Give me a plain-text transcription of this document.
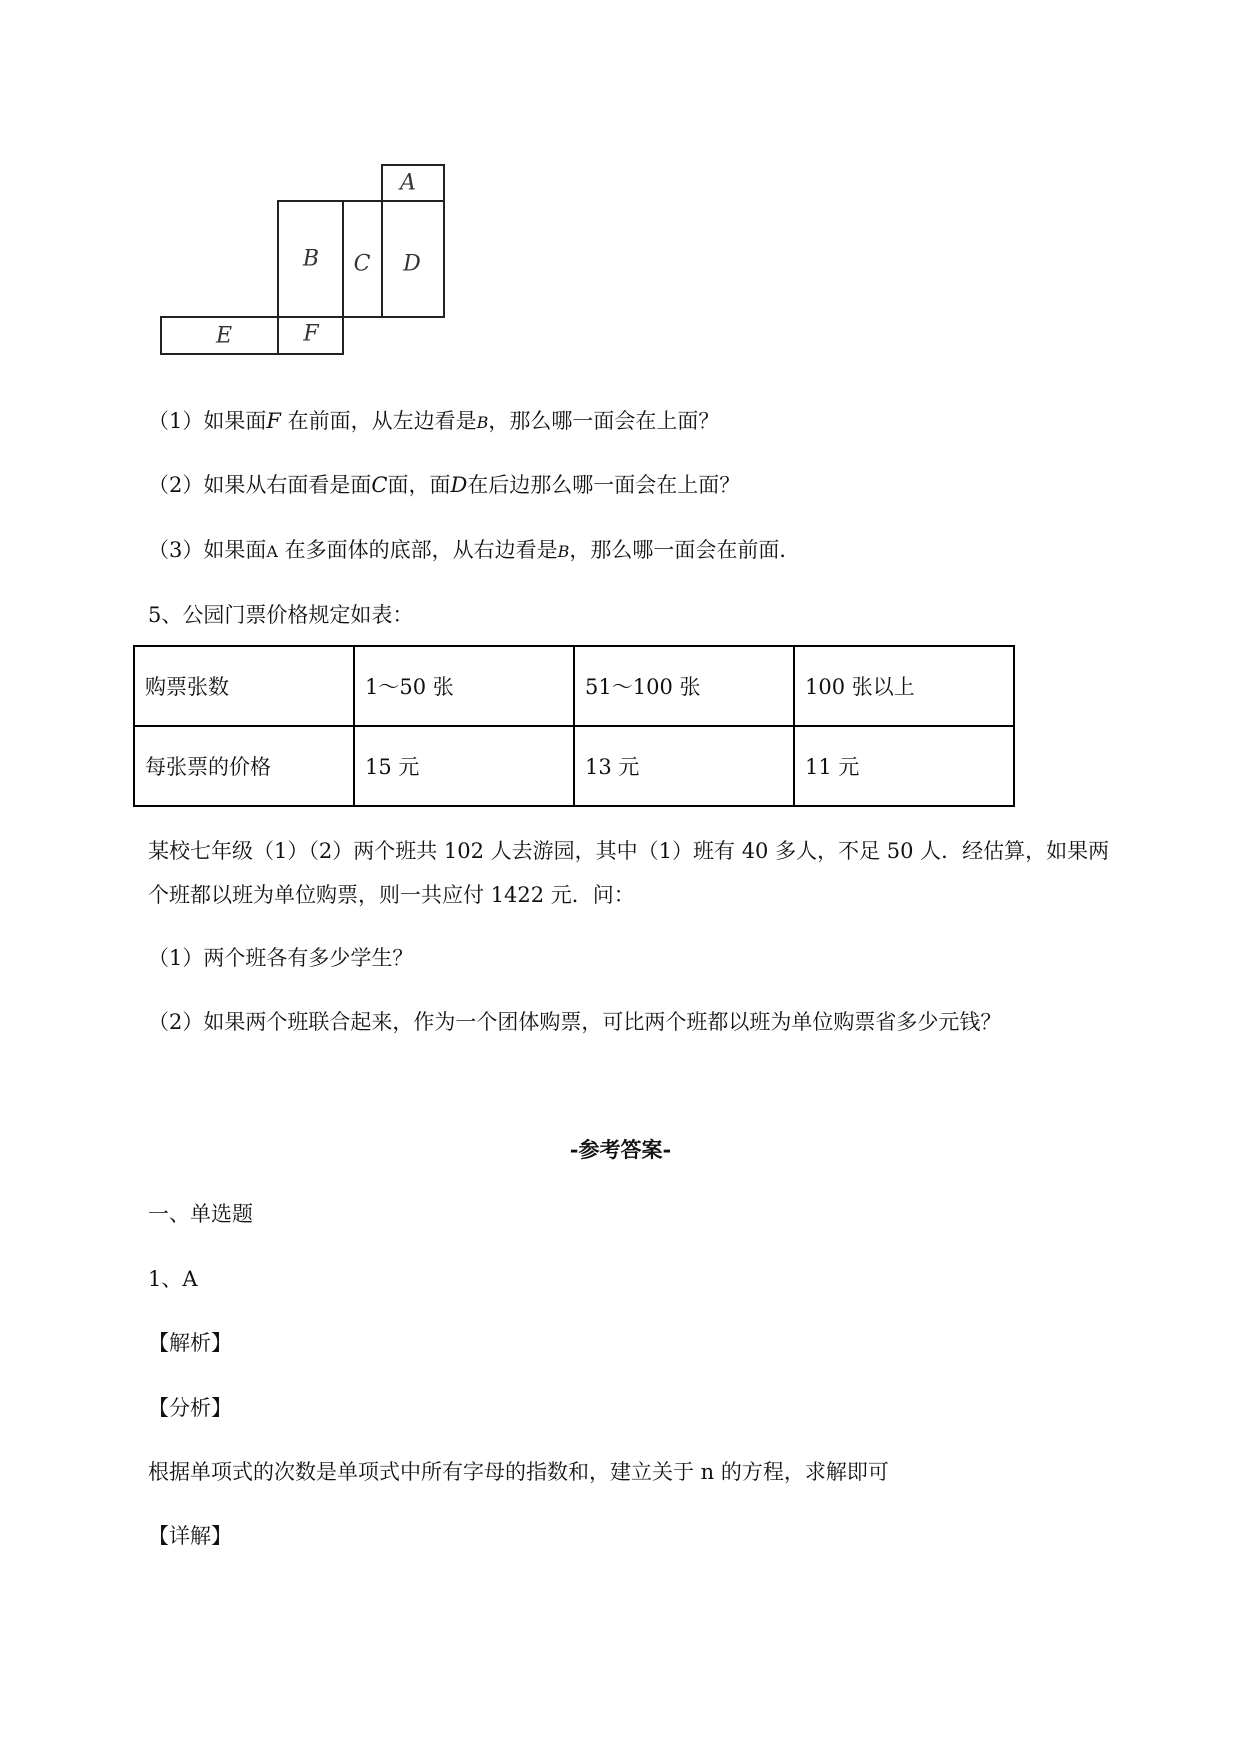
A
B C D
E	F
（1）如果面F 在前面，从左边看是B，那么哪一面会在上面？
（2）如果从右面看是面C面，面D在后边那么哪一面会在上面？
（3）如果面A 在多面体的底部，从右边看是B，那么哪一面会在前面．
5、公园门票价格规定如表：
购票张数	1～50 张	51～100 张	100 张以上
每张票的价格	15 元	13 元	11 元
某校七年级（1）（2）两个班共 102 人去游园，其中（1）班有 40 多人，不足 50 人．经估算，如果两
个班都以班为单位购票，则一共应付 1422 元．问：
（1）两个班各有多少学生？
（2）如果两个班联合起来，作为一个团体购票，可比两个班都以班为单位购票省多少元钱？
-参考答案-
一、单选题
1、A
【解析】
【分析】
根据单项式的次数是单项式中所有字母的指数和，建立关于 n 的方程，求解即可
【详解】
